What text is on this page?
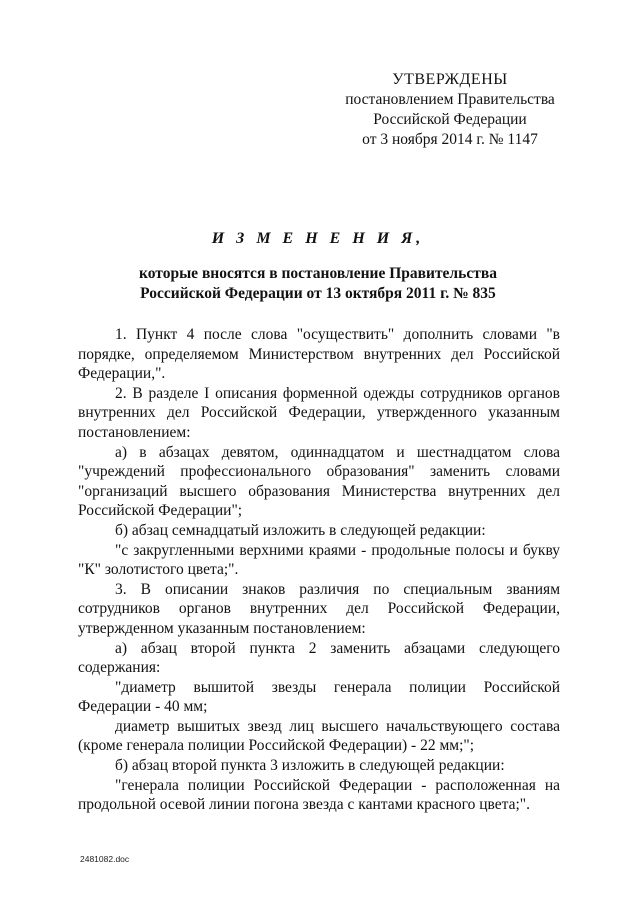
УТВЕРЖДЕНЫ
постановлением Правительства
Российской Федерации
от 3 ноября 2014 г. № 1147
И З М Е Н Е Н И Я,
которые вносятся в постановление Правительства
Российской Федерации от 13 октября 2011 г. № 835

1. Пункт 4 после слова "осуществить" дополнить словами "в порядке, определяемом Министерством внутренних дел Российской Федерации,".

2. В разделе I описания форменной одежды сотрудников органов внутренних дел Российской Федерации, утвержденного указанным постановлением:

а) в абзацах девятом, одиннадцатом и шестнадцатом слова "учреждений профессионального образования" заменить словами "организаций высшего образования Министерства внутренних дел Российской Федерации";

б) абзац семнадцатый изложить в следующей редакции:

"с закругленными верхними краями - продольные полосы и букву "К" золотистого цвета;".

3. В описании знаков различия по специальным званиям сотрудников органов внутренних дел Российской Федерации, утвержденном указанным постановлением:

а) абзац второй пункта 2 заменить абзацами следующего содержания:

"диаметр вышитой звезды генерала полиции Российской Федерации - 40 мм;

диаметр вышитых звезд лиц высшего начальствующего состава (кроме генерала полиции Российской Федерации) - 22 мм;";

б) абзац второй пункта 3 изложить в следующей редакции:

"генерала полиции Российской Федерации - расположенная на продольной осевой линии погона звезда с кантами красного цвета;".

2481082.doc
